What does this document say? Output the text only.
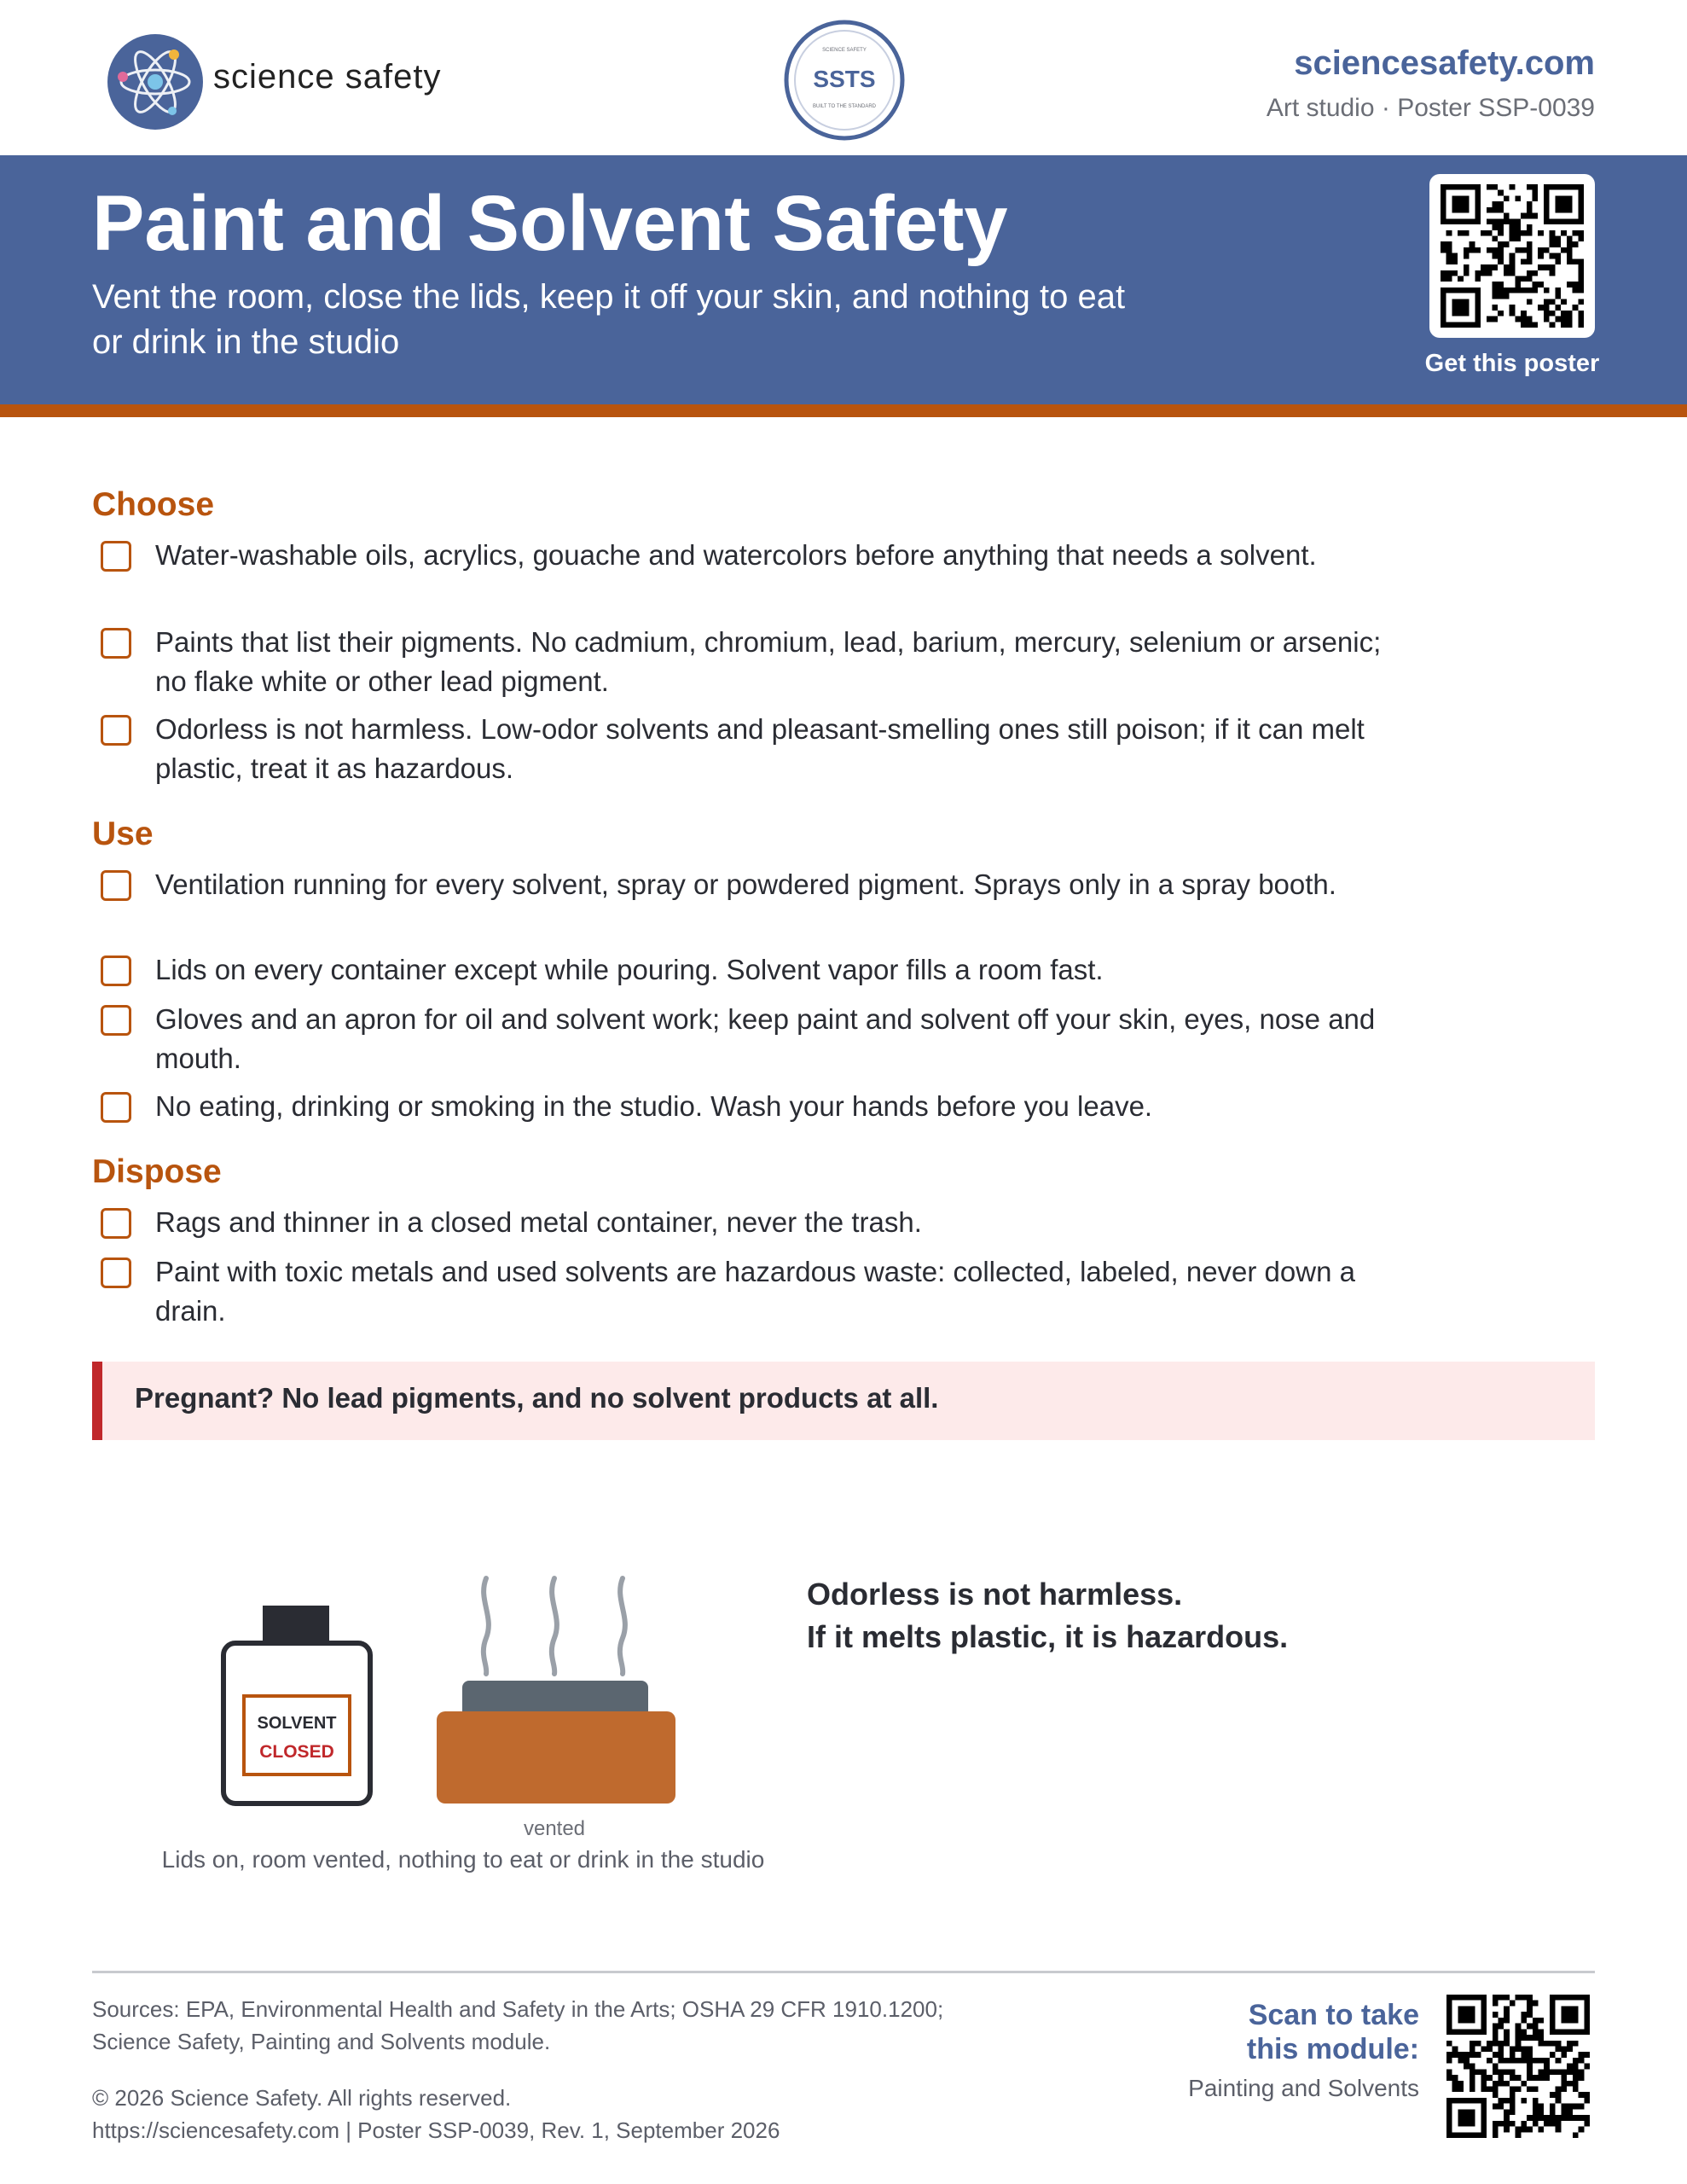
science safety
SCIENCE SAFETY
SSTS
BUILT TO THE STANDARD
sciencesafety.com
Art studio · Poster SSP-0039
Paint and Solvent Safety
Vent the room, close the lids, keep it off your skin, and nothing to eat or drink in the studio
Get this poster
Choose
Water-washable oils, acrylics, gouache and watercolors before anything that needs a solvent.
Paints that list their pigments. No cadmium, chromium, lead, barium, mercury, selenium or arsenic; no flake white or other lead pigment.
Odorless is not harmless. Low-odor solvents and pleasant-smelling ones still poison; if it can melt plastic, treat it as hazardous.
Use
Ventilation running for every solvent, spray or powdered pigment. Sprays only in a spray booth.
Lids on every container except while pouring. Solvent vapor fills a room fast.
Gloves and an apron for oil and solvent work; keep paint and solvent off your skin, eyes, nose and mouth.
No eating, drinking or smoking in the studio. Wash your hands before you leave.
Dispose
Rags and thinner in a closed metal container, never the trash.
Paint with toxic metals and used solvents are hazardous waste: collected, labeled, never down a drain.
Pregnant? No lead pigments, and no solvent products at all.
SOLVENT
CLOSED
vented
Lids on, room vented, nothing to eat or drink in the studio
Odorless is not harmless.
If it melts plastic, it is hazardous.
Sources: EPA, Environmental Health and Safety in the Arts; OSHA 29 CFR 1910.1200; Science Safety, Painting and Solvents module.
© 2026 Science Safety. All rights reserved.
https://sciencesafety.com | Poster SSP-0039, Rev. 1, September 2026
Scan to take
this module:
Painting and Solvents
